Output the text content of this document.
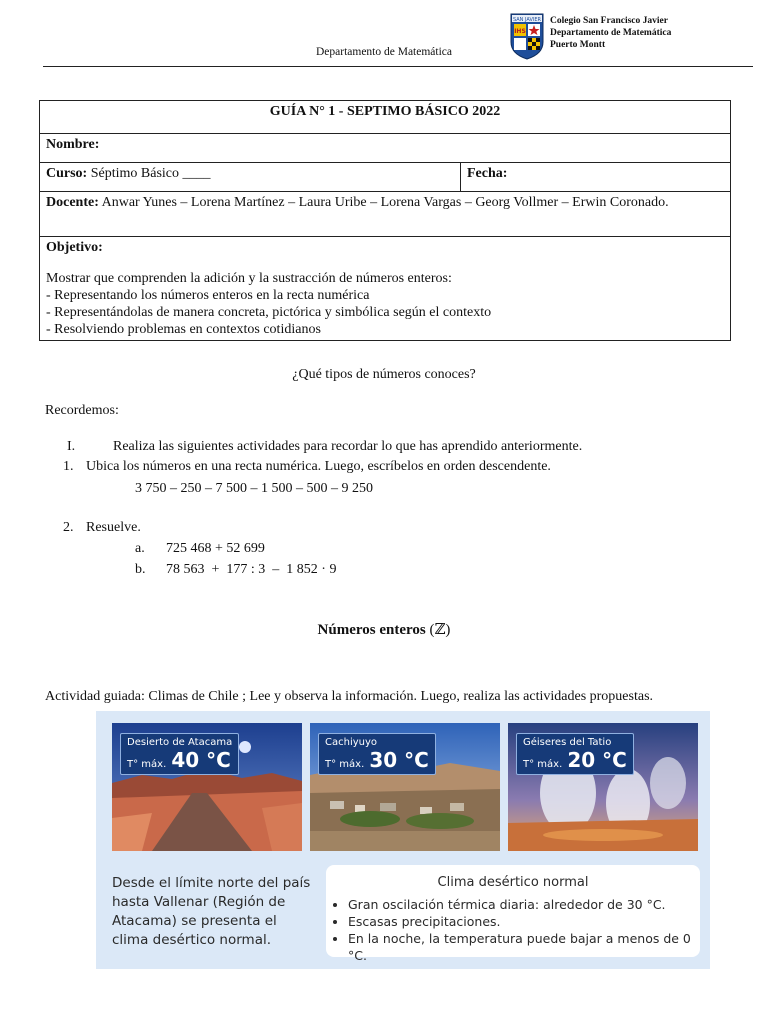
Departamento de Matemática
SAN JAVIER
IHS
Colegio San Francisco Javier
Departamento de Matemática
Puerto Montt
GUÍA N° 1 - SEPTIMO BÁSICO 2022
Nombre:
Curso: Séptimo Básico ____	Fecha:
Docente: Anwar Yunes – Lorena Martínez – Laura Uribe – Lorena Vargas – Georg Vollmer – Erwin Coronado.

Objetivo:
Mostrar que comprenden la adición y la sustracción de números enteros:
- Representando los números enteros en la recta numérica
- Representándolas de manera concreta, pictórica y simbólica según el contexto
- Resolviendo problemas en contextos cotidianos
¿Qué tipos de números conoces?
Recordemos:
I.	Realiza las siguientes actividades para recordar lo que has aprendido anteriormente.
1. Ubica los números en una recta numérica. Luego, escríbelos en orden descendente.
3 750 – 250 – 7 500 – 1 500 – 500 – 9 250
2. Resuelve.
a. 725 468 + 52 699
b. 78 563  +  177 : 3  –  1 852 · 9
Números enteros (ℤ)
Actividad guiada: Climas de Chile ; Lee y observa la información. Luego, realiza las actividades propuestas.
Desierto de Atacama
T° máx. 40 °C
Cachiyuyo
T° máx. 30 °C
Géiseres del Tatio
T° máx. 20 °C
Desde el límite norte del país hasta Vallenar (Región de Atacama) se presenta el clima desértico normal.
Clima desértico normal
• Gran oscilación térmica diaria: alrededor de 30 °C.
• Escasas precipitaciones.
• En la noche, la temperatura puede bajar a menos de 0 °C.
